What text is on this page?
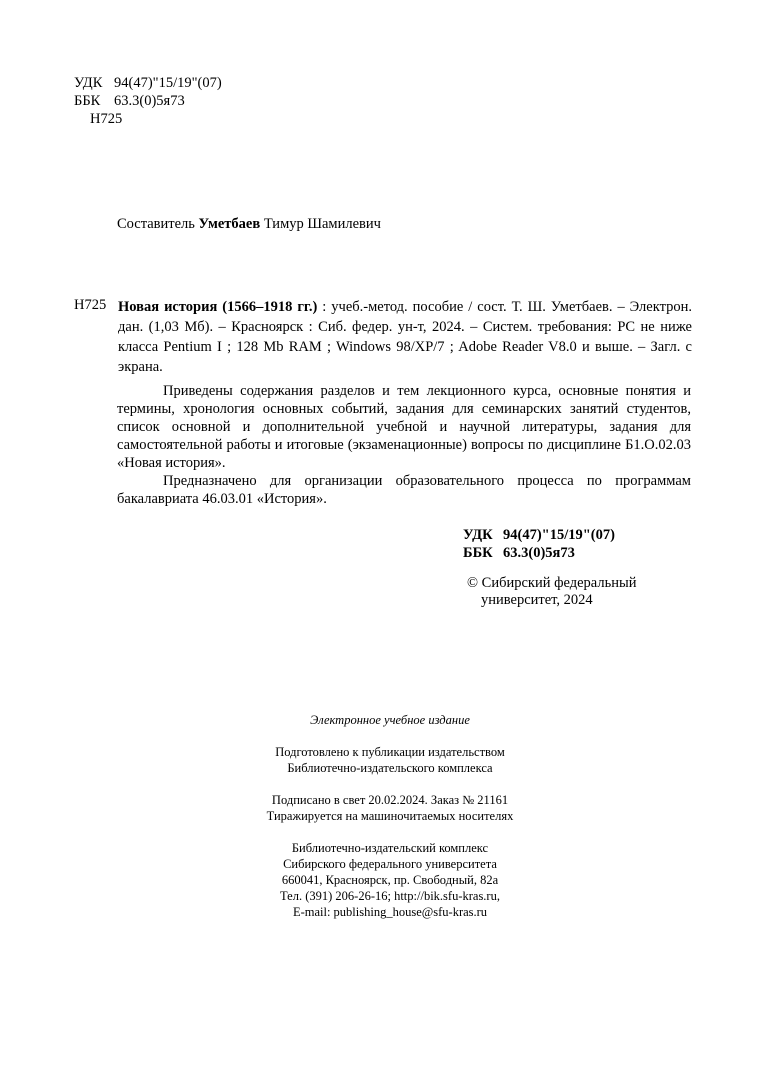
УДК 94(47)"15/19"(07)
ББК 63.3(0)5я73
Н725
Составитель Уметбаев Тимур Шамилевич
Н725 Новая история (1566–1918 гг.) : учеб.-метод. пособие / сост. Т. Ш. Уметбаев. – Электрон. дан. (1,03 Мб). – Красноярск : Сиб. федер. ун-т, 2024. – Систем. требования: PC не ниже класса Pentium I ; 128 Mb RAM ; Windows 98/XP/7 ; Adobe Reader V8.0 и выше. – Загл. с экрана.

Приведены содержания разделов и тем лекционного курса, основные понятия и термины, хронология основных событий, задания для семинарских занятий студентов, список основной и дополнительной учебной и научной литературы, задания для самостоятельной работы и итоговые (экзаменационные) вопросы по дисциплине Б1.О.02.03 «Новая история».

Предназначено для организации образовательного процесса по программам бакалавриата 46.03.01 «История».

УДК 94(47)"15/19"(07)
ББК 63.3(0)5я73
© Сибирский федеральный
университет, 2024
Электронное учебное издание
Подготовлено к публикации издательством
Библиотечно-издательского комплекса
Подписано в свет 20.02.2024. Заказ № 21161
Тиражируется на машиночитаемых носителях
Библиотечно-издательский комплекс
Сибирского федерального университета
660041, Красноярск, пр. Свободный, 82а
Тел. (391) 206-26-16; http://bik.sfu-kras.ru,
E-mail: publishing_house@sfu-kras.ru
